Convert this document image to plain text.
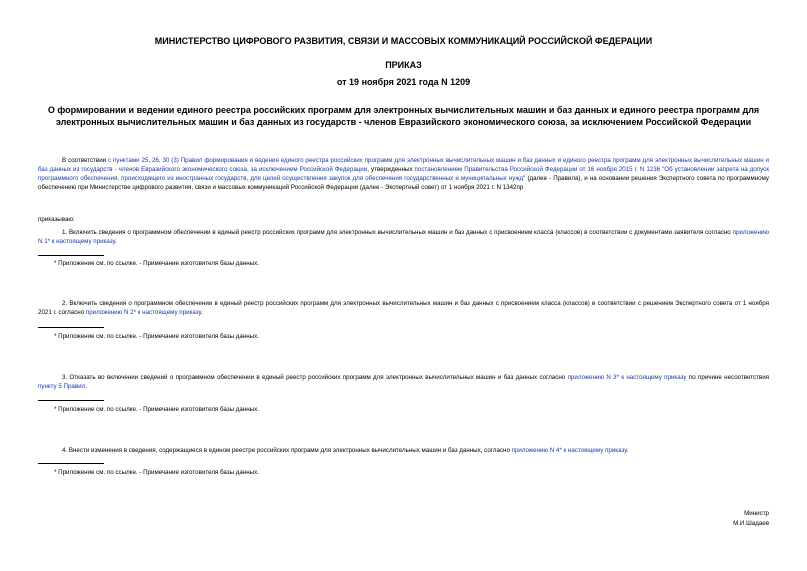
МИНИСТЕРСТВО ЦИФРОВОГО РАЗВИТИЯ, СВЯЗИ И МАССОВЫХ КОММУНИКАЦИЙ РОССИЙСКОЙ ФЕДЕРАЦИИ

ПРИКАЗ

от 19 ноября 2021 года N 1209

О формировании и ведении единого реестра российских программ для электронных вычислительных машин и баз данных и единого реестра программ для электронных вычислительных машин и баз данных из государств - членов Евразийского экономического союза, за исключением Российской Федерации

В соответствии с пунктами 25, 26, 30 (3) Правил формирования и ведения единого реестра российских программ для электронных вычислительных машин и баз данных и единого реестра программ для электронных вычислительных машин и баз данных из государств - членов Евразийского экономического союза, за исключением Российской Федерации, утвержденных постановлением Правительства Российской Федерации от 16 ноября 2015 г. N 1236 "Об установлении запрета на допуск программного обеспечения, происходящего из иностранных государств, для целей осуществления закупок для обеспечения государственных и муниципальных нужд" (далее - Правила), и на основании решения Экспертного совета по программному обеспечению при Министерстве цифрового развития, связи и массовых коммуникаций Российской Федерации (далее - Экспертный совет) от 1 ноября 2021 г. N 1342пр

приказываю:

1. Включить сведения о программном обеспечении в единый реестр российских программ для электронных вычислительных машин и баз данных с присвоением класса (классов) в соответствии с документами заявителя согласно приложению N 1* к настоящему приказу.

* Приложение см. по ссылке. - Примечание изготовителя базы данных.

2. Включить сведения о программном обеспечении в единый реестр российских программ для электронных вычислительных машин и баз данных с присвоением класса (классов) в соответствии с решением Экспертного совета от 1 ноября 2021 г. согласно приложению N 2* к настоящему приказу.

* Приложение см. по ссылке. - Примечание изготовителя базы данных.

3. Отказать во включении сведений о программном обеспечении в единый реестр российских программ для электронных вычислительных машин и баз данных согласно приложению N 3* к настоящему приказу по причине несоответствия пункту 5 Правил.

* Приложение см. по ссылке. - Примечание изготовителя базы данных.

4. Внести изменения в сведения, содержащиеся в едином реестре российских программ для электронных вычислительных машин и баз данных, согласно приложению N 4* к настоящему приказу.

* Приложение см. по ссылке. - Примечание изготовителя базы данных.

Министр

М.И.Шадаев
